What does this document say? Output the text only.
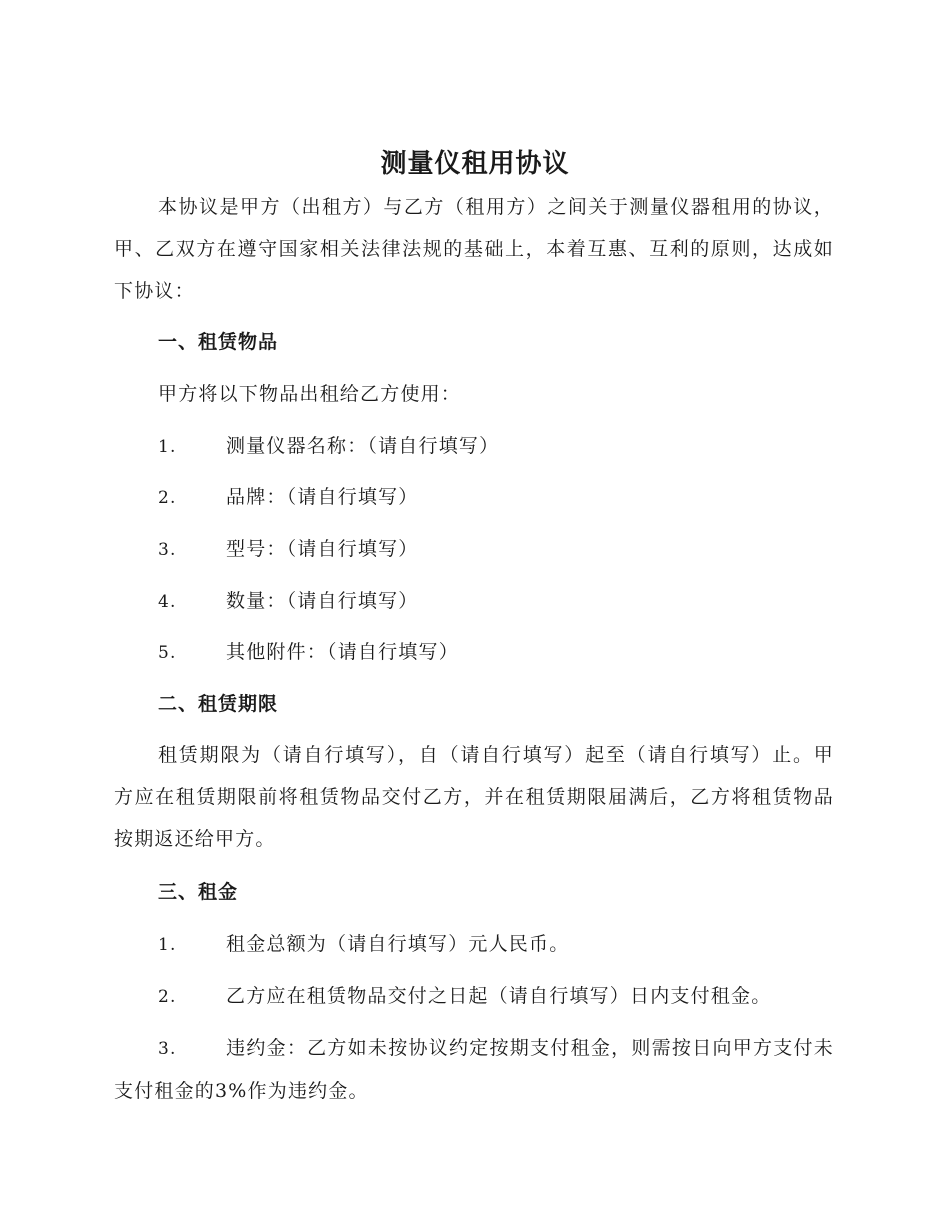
测量仪租用协议
本协议是甲方（出租方）与乙方（租用方）之间关于测量仪器租用的协议，甲、乙双方在遵守国家相关法律法规的基础上，本着互惠、互利的原则，达成如下协议：
一、租赁物品
甲方将以下物品出租给乙方使用：
1.	测量仪器名称：（请自行填写）
2.	品牌：（请自行填写）
3.	型号：（请自行填写）
4.	数量：（请自行填写）
5.	其他附件：（请自行填写）
二、租赁期限
租赁期限为（请自行填写），自（请自行填写）起至（请自行填写）止。甲方应在租赁期限前将租赁物品交付乙方，并在租赁期限届满后，乙方将租赁物品按期返还给甲方。
三、租金
1.	租金总额为（请自行填写）元人民币。
2.	乙方应在租赁物品交付之日起（请自行填写）日内支付租金。
3.	违约金：乙方如未按协议约定按期支付租金，则需按日向甲方支付未支付租金的3%作为违约金。
